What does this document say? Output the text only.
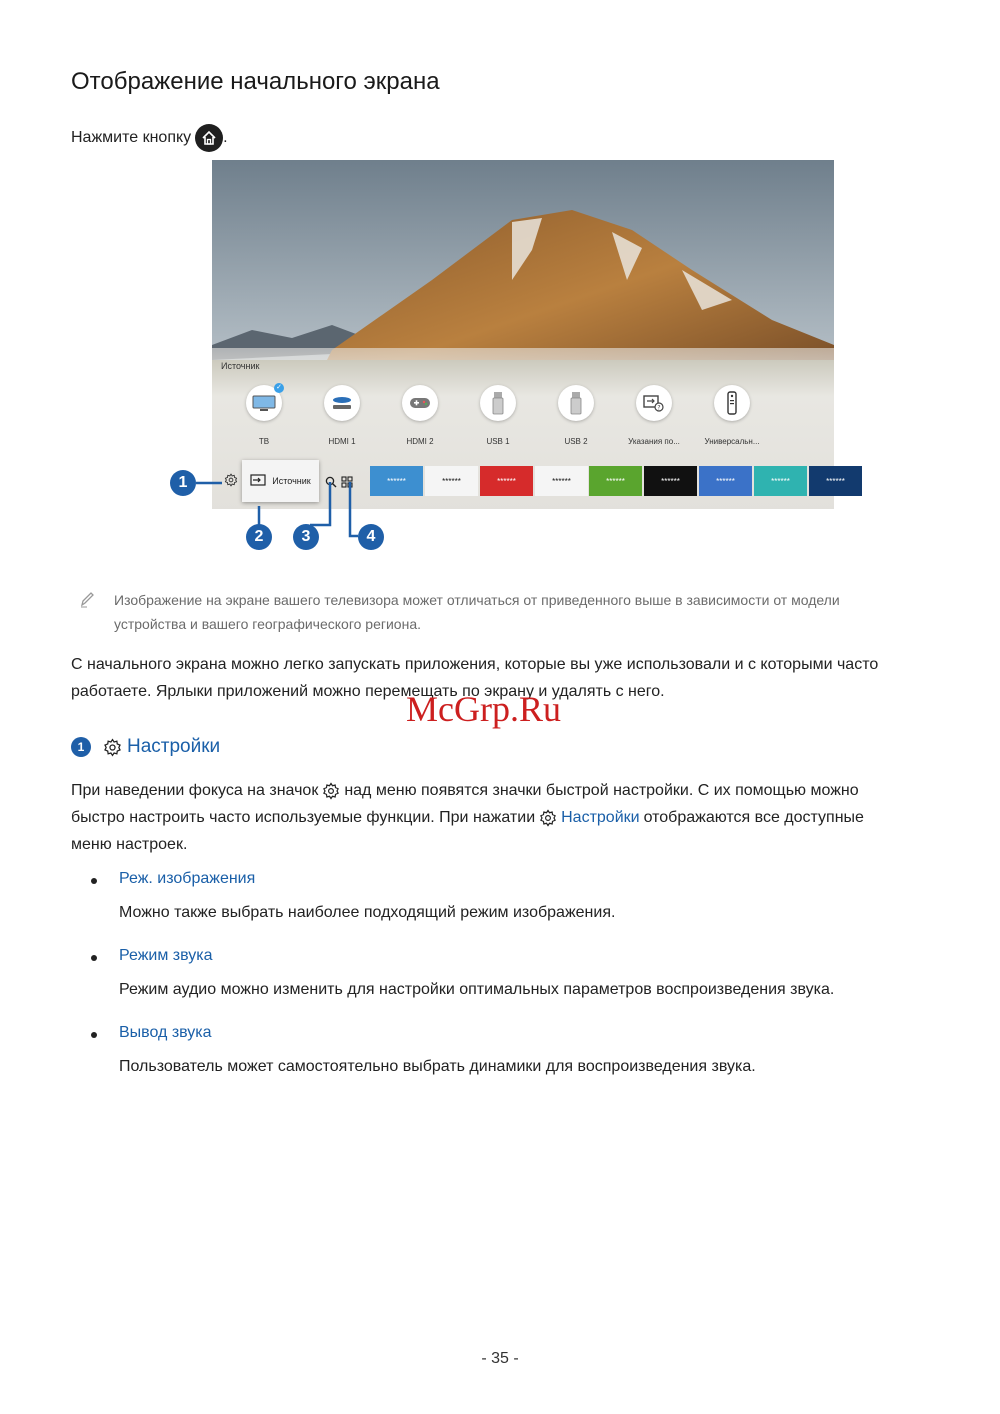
Отображение начального экрана
Нажмите кнопку .
Источник
✓
ТВ	HDMI 1	HDMI 2	USB 1	USB 2
?
Указания по...	Универсальн...
Источник	******	******	******	******	******	******	******	******	******
1
2	3	4
Изображение на экране вашего телевизора может отличаться от приведенного выше в зависимости от модели устройства и вашего географического региона.
С начального экрана можно легко запускать приложения, которые вы уже использовали и с которыми часто
работаете. Ярлыки приложений можно перемещать по экрану и удалять с него.
McGrp.Ru
1	Настройки
При наведении фокуса на значок над меню появятся значки быстрой настройки. С их помощью можно
быстро настроить часто используемые функции. При нажатии Настройки отображаются все доступные
меню настроек.
Реж. изображения
Можно также выбрать наиболее подходящий режим изображения.
Режим звука
Режим аудио можно изменить для настройки оптимальных параметров воспроизведения звука.
Вывод звука
Пользователь может самостоятельно выбрать динамики для воспроизведения звука.
- 35 -
